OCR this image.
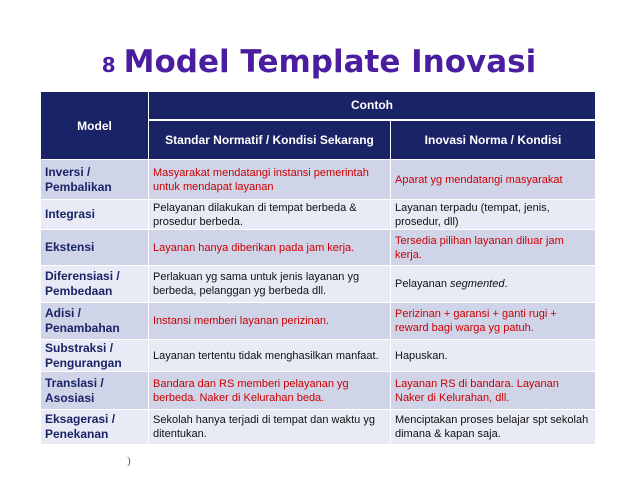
8 Model Template Inovasi
Model	Contoh	
	Standar Normatif / Kondisi Sekarang	Inovasi Norma / Kondisi
Inversi / Pembalikan	Masyarakat mendatangi instansi pemerintah untuk mendapat layanan	Aparat yg mendatangi masyarakat
Integrasi	Pelayanan dilakukan di tempat berbeda & prosedur berbeda.	Layanan terpadu (tempat, jenis, prosedur, dll)
Ekstensi	Layanan hanya diberikan pada jam kerja.	Tersedia pilihan layanan diluar jam kerja.
Diferensiasi / Pembedaan	Perlakuan yg sama untuk jenis layanan yg berbeda, pelanggan yg berbeda dll.	Pelayanan segmented.
Adisi / Penambahan	Instansi memberi layanan perizinan.	Perizinan + garansi + ganti rugi + reward bagi warga yg patuh.
Substraksi / Pengurangan	Layanan tertentu tidak menghasilkan manfaat.	Hapuskan.
Translasi / Asosiasi	Bandara dan RS memberi pelayanan yg berbeda. Naker di Kelurahan beda.	Layanan RS di bandara. Layanan Naker di Kelurahan, dll.
Eksagerasi / Penekanan	Sekolah hanya terjadi di tempat dan waktu yg ditentukan.	Menciptakan proses belajar spt sekolah dimana & kapan saja.
)
